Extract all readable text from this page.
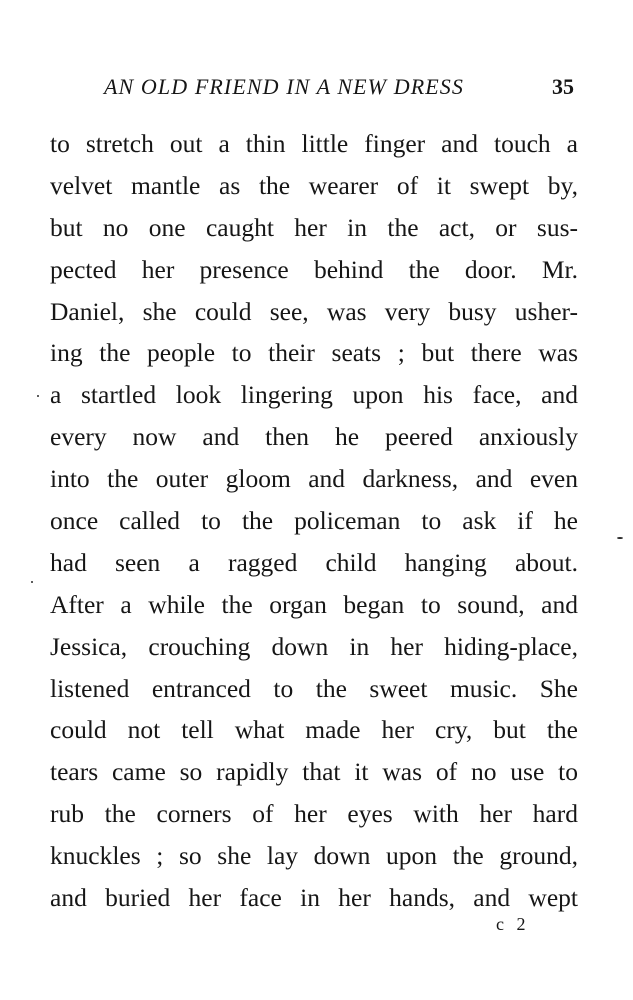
AN OLD FRIEND IN A NEW DRESS	35
to stretch out a thin little finger and touch a
velvet mantle as the wearer of it swept by,
but no one caught her in the act, or sus-
pected her presence behind the door. Mr.
Daniel, she could see, was very busy usher-
ing the people to their seats ; but there was
a startled look lingering upon his face, and
every now and then he peered anxiously
into the outer gloom and darkness, and even
once called to the policeman to ask if he
had seen a ragged child hanging about.
After a while the organ began to sound, and
Jessica, crouching down in her hiding-place,
listened entranced to the sweet music. She
could not tell what made her cry, but the
tears came so rapidly that it was of no use to
rub the corners of her eyes with her hard
knuckles ; so she lay down upon the ground,
and buried her face in her hands, and wept
c 2
